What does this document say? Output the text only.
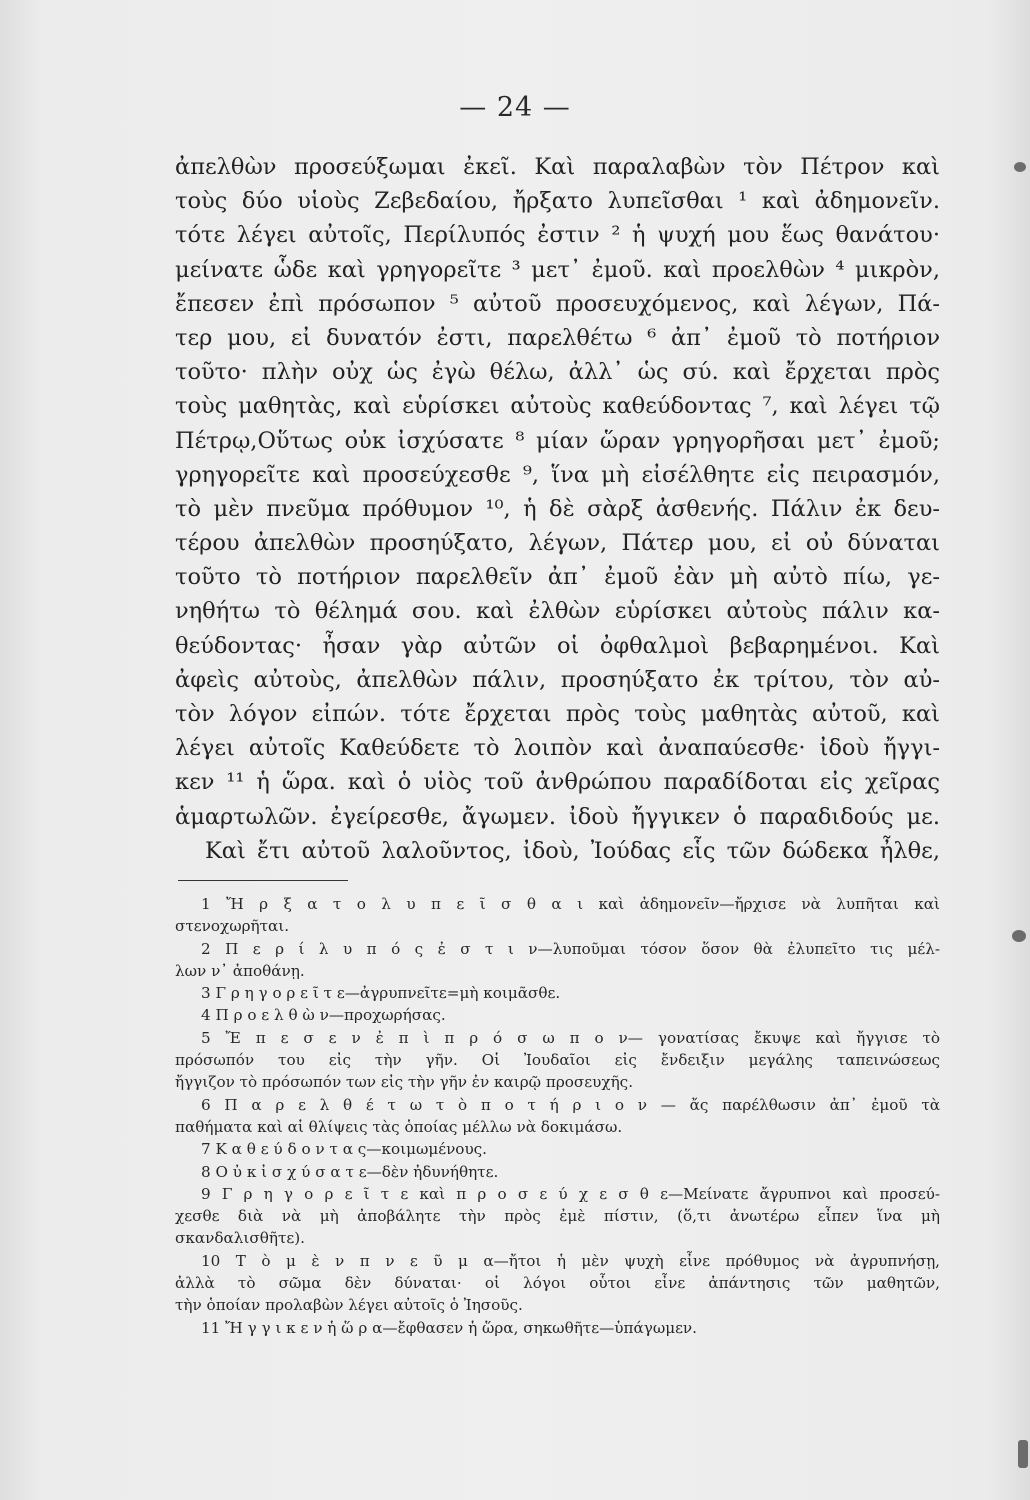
— 24 —
ἀπελθὼν προσεύξωμαι ἐκεῖ. Καὶ παραλαβὼν τὸν Πέτρον καὶ
τοὺς δύο υἱοὺς Ζεβεδαίου, ἤρξατο λυπεῖσθαι ¹ καὶ ἀδημονεῖν.
τότε λέγει αὐτοῖς, Περίλυπός ἐστιν ² ἡ ψυχή μου ἕως θανάτου·
μείνατε ὧδε καὶ γρηγορεῖτε ³ μετ᾽ ἐμοῦ. καὶ προελθὼν ⁴ μικρὸν,
ἔπεσεν ἐπὶ πρόσωπον ⁵ αὐτοῦ προσευχόμενος, καὶ λέγων, Πά-
τερ μου, εἰ δυνατόν ἐστι, παρελθέτω ⁶ ἀπ᾽ ἐμοῦ τὸ ποτήριον
τοῦτο· πλὴν οὐχ ὡς ἐγὼ θέλω, ἀλλ᾽ ὡς σύ. καὶ ἔρχεται πρὸς
τοὺς μαθητὰς, καὶ εὑρίσκει αὐτοὺς καθεύδοντας ⁷, καὶ λέγει τῷ
Πέτρῳ,Οὕτως οὐκ ἰσχύσατε ⁸ μίαν ὥραν γρηγορῆσαι μετ᾽ ἐμοῦ;
γρηγορεῖτε καὶ προσεύχεσθε ⁹, ἵνα μὴ εἰσέλθητε εἰς πειρασμόν,
τὸ μὲν πνεῦμα πρόθυμον ¹⁰, ἡ δὲ σὰρξ ἀσθενής. Πάλιν ἐκ δευ-
τέρου ἀπελθὼν προσηύξατο, λέγων, Πάτερ μου, εἰ οὐ δύναται
τοῦτο τὸ ποτήριον παρελθεῖν ἀπ᾽ ἐμοῦ ἐὰν μὴ αὐτὸ πίω, γε-
νηθήτω τὸ θέλημά σου. καὶ ἐλθὼν εὑρίσκει αὐτοὺς πάλιν κα-
θεύδοντας· ἦσαν γὰρ αὐτῶν οἱ ὀφθαλμοὶ βεβαρημένοι. Καὶ
ἀφεὶς αὐτοὺς, ἀπελθὼν πάλιν, προσηύξατο ἐκ τρίτου, τὸν αὐ-
τὸν λόγον εἰπών. τότε ἔρχεται πρὸς τοὺς μαθητὰς αὐτοῦ, καὶ
λέγει αὐτοῖς Καθεύδετε τὸ λοιπὸν καὶ ἀναπαύεσθε· ἰδοὺ ἤγγι-
κεν ¹¹ ἡ ὥρα. καὶ ὁ υἱὸς τοῦ ἀνθρώπου παραδίδοται εἰς χεῖρας
ἁμαρτωλῶν. ἐγείρεσθε, ἄγωμεν. ἰδοὺ ἤγγικεν ὁ παραδιδούς με.
Καὶ ἔτι αὐτοῦ λαλοῦντος, ἰδοὺ, Ἰούδας εἷς τῶν δώδεκα ἦλθε,
1 Ἤ ρ ξ α τ ο λ υ π ε ῖ σ θ α ι καὶ ἀδημονεῖν—ἤρχισε νὰ λυπῆται καὶ
στενοχωρῆται.
2 Π ε ρ ί λ υ π ό ς ἐ σ τ ι ν—λυποῦμαι τόσον ὅσον θὰ ἐλυπεῖτο τις μέλ-
λων ν᾽ ἀποθάνῃ.
3 Γ ρ η γ ο ρ ε ῖ τ ε—ἀγρυπνεῖτε=μὴ κοιμᾶσθε.
4 Π ρ ο ε λ θ ὼ ν—προχωρήσας.
5 Ἔ π ε σ ε ν ἐ π ὶ π ρ ό σ ω π ο ν— γονατίσας ἔκυψε καὶ ἤγγισε τὸ
πρόσωπόν του εἰς τὴν γῆν. Οἱ Ἰουδαῖοι εἰς ἔνδειξιν μεγάλης ταπεινώσεως
ἤγγιζον τὸ πρόσωπόν των εἰς τὴν γῆν ἐν καιρῷ προσευχῆς.
6 Π α ρ ε λ θ έ τ ω τ ὸ π ο τ ή ρ ι ο ν — ἄς παρέλθωσιν ἀπ᾽ ἐμοῦ τὰ
παθήματα καὶ αἱ θλίψεις τὰς ὁποίας μέλλω νὰ δοκιμάσω.
7 Κ α θ ε ύ δ ο ν τ α ς—κοιμωμένους.
8 Ο ὐ κ ἰ σ χ ύ σ α τ ε—δὲν ἠδυνήθητε.
9 Γ ρ η γ ο ρ ε ῖ τ ε καὶ π ρ ο σ ε ύ χ ε σ θ ε—Μείνατε ἄγρυπνοι καὶ προσεύ-
χεσθε διὰ νὰ μὴ ἀποβάλητε τὴν πρὸς ἐμὲ πίστιν, (ὅ,τι ἀνωτέρω εἶπεν ἵνα μὴ
σκανδαλισθῆτε).
10 Τ ὸ μ ὲ ν π ν ε ῦ μ α—ἤτοι ἡ μὲν ψυχὴ εἶνε πρόθυμος νὰ ἀγρυπνήσῃ,
ἀλλὰ τὸ σῶμα δὲν δύναται· οἱ λόγοι οὗτοι εἶνε ἀπάντησις τῶν μαθητῶν,
τὴν ὁποίαν προλαβὼν λέγει αὐτοῖς ὁ Ἰησοῦς.
11 Ἤ γ γ ι κ ε ν ἡ ὥ ρ α—ἔφθασεν ἡ ὥρα, σηκωθῆτε—ὑπάγωμεν.
